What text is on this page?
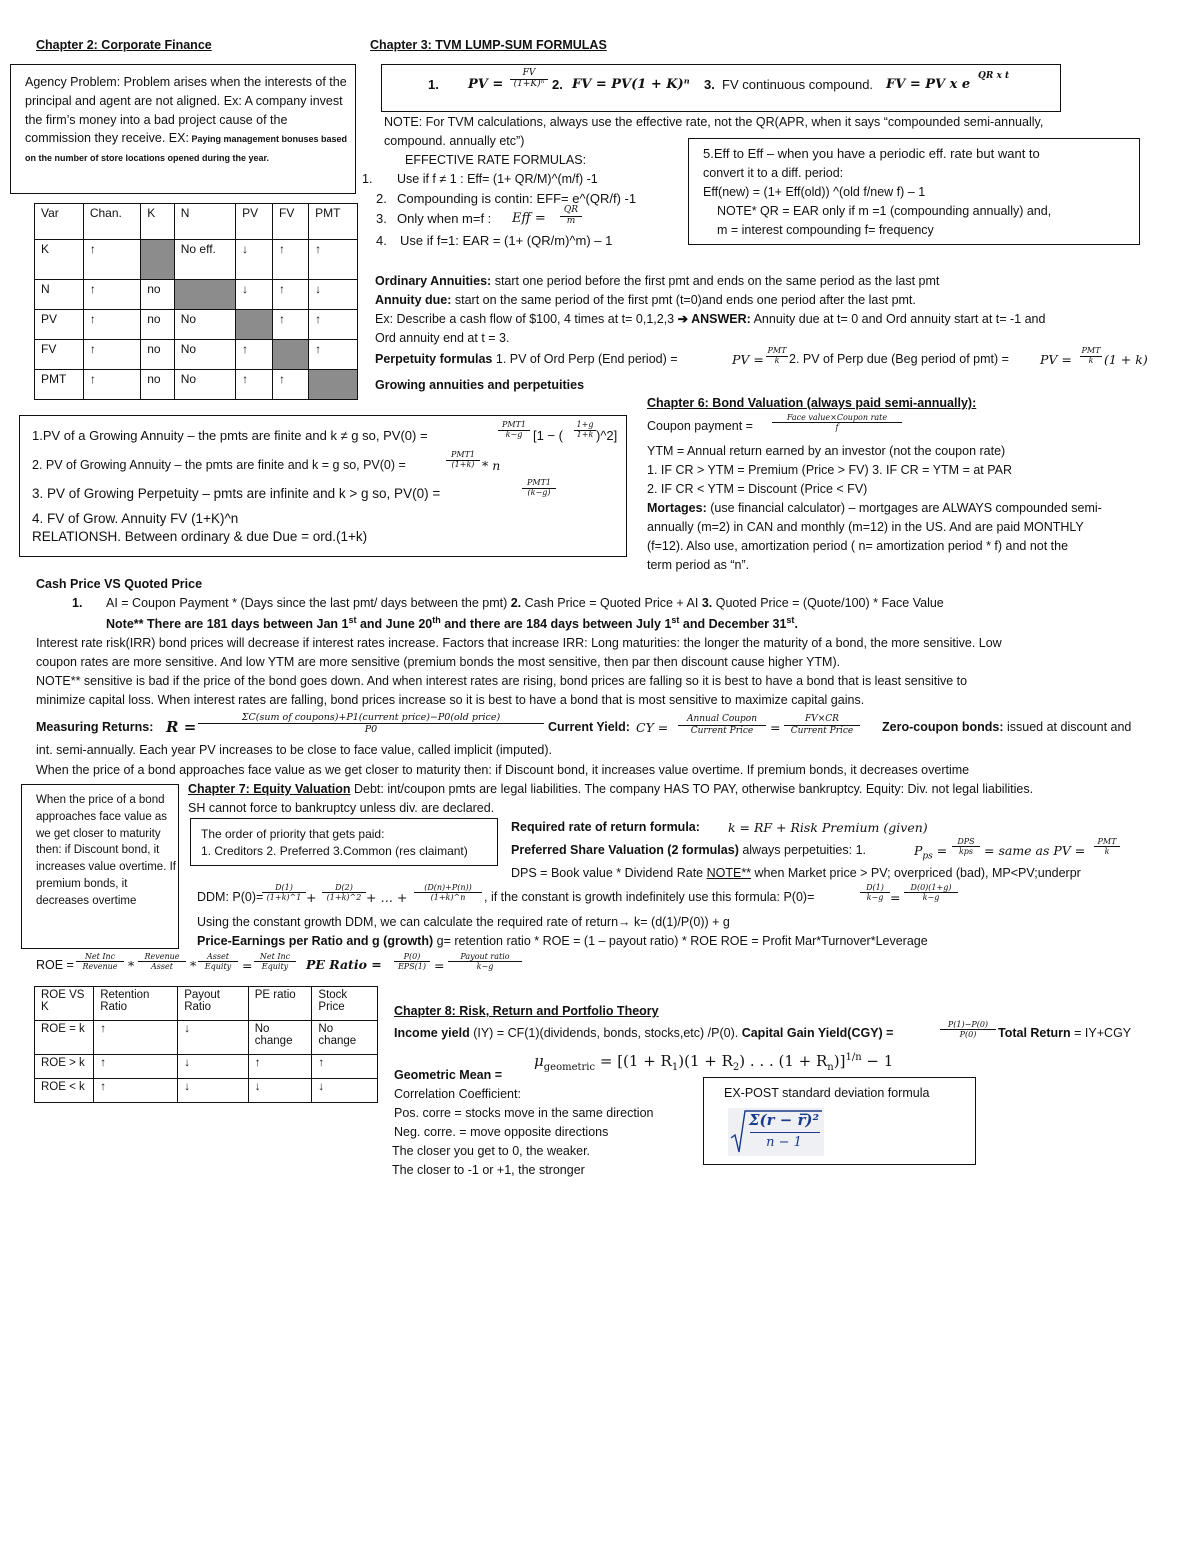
Chapter 2: Corporate Finance
Agency Problem: Problem arises when the interests of the principal and agent are not aligned. Ex: A company invest the firm’s money into a bad project cause of the commission they receive. EX: Paying management bonuses based on the number of store locations opened during the year.
Var	Chan.	K	N	PV	FV	PMT
K	↑		No eff.	↓	↑	↑
N	↑	no		↓	↑	↓
PV	↑	no	No		↑	↑
FV	↑	no	No	↑		↑
PMT	↑	no	No	↑	↑	
Chapter 3: TVM LUMP-SUM FORMULAS
1. PV = $\frac{FV}{\text{(1+K)ⁿ}} 2$. FV = PV(1 + K)ⁿ 3. FV continuous compound. FV = PV x e
QR x t
NOTE: For TVM calculations, always use the effective rate, not the QR(APR, when it says “compounded semi-annually,
compound. annually etc”)
EFFECTIVE RATE FORMULAS:
1. Use if f ≠ 1 : Eff= (1+ QR/M)^(m/f) -1
2. Compounding is contin: EFF= e^(QR/f) -1
3. Only when m=f : Eff = $\frac{QR}{m}$
4. Use if f=1: EAR = (1+ (QR/m)^m) – 1
5.Eff to Eff – when you have a periodic eff. rate but want to
convert it to a diff. period:
Eff(new) = (1+ Eff(old)) ^(old f/new f) – 1
NOTE* QR = EAR only if m =1 (compounding annually) and,
m = interest compounding f= frequency
Ordinary Annuities: start one period before the first pmt and ends on the same period as the last pmt
Annuity due: start on the same period of the first pmt (t=0)and ends one period after the last pmt.
Ex: Describe a cash flow of $100, 4 times at t= 0,1,2,3 ➔ ANSWER: Annuity due at t= 0 and Ord annuity start at t= -1 and
Ord annuity end at t = 3.
Perpetuity formulas 1. PV of Ord Perp (End period) =	PV =
PMT
k 2. PV of Perp due (Beg period of pmt) = PV =
PMT
k (1 + k)
Growing annuities and perpetuities
1.PV of a Growing Annuity – the pmts are finite and k ≠ g so, PV(0) =
PMT1
k−g [1 − (
1+g
1+k )^2]
2. PV of Growing Annuity – the pmts are finite and k = g so, PV(0) =
PMT1
(1+k) * n
3. PV of Growing Perpetuity – pmts are infinite and k > g so, PV(0) =
PMT1
(k−g)
4. FV of Grow. Annuity FV (1+K)^n
RELATIONSH. Between ordinary & due Due = ord.(1+k)
Chapter 6: Bond Valuation (always paid semi-annually):
Coupon payment =
Face value×Coupon rate
f
YTM = Annual return earned by an investor (not the coupon rate)
1. IF CR > YTM = Premium (Price > FV) 3. IF CR = YTM = at PAR
2. IF CR < YTM = Discount (Price < FV)
Mortages: (use financial calculator) – mortgages are ALWAYS compounded semi-
annually (m=2) in CAN and monthly (m=12) in the US. And are paid MONTHLY
(f=12). Also use, amortization period ( n= amortization period * f) and not the
term period as “n”.
Cash Price VS Quoted Price
1. AI = Coupon Payment * (Days since the last pmt/ days between the pmt) 2. Cash Price = Quoted Price + AI 3. Quoted Price = (Quote/100) * Face Value
Note** There are 181 days between Jan 1st and June 20th and there are 184 days between July 1st and December 31st.
Interest rate risk(IRR) bond prices will decrease if interest rates increase. Factors that increase IRR: Long maturities: the longer the maturity of a bond, the more sensitive. Low
coupon rates are more sensitive. And low YTM are more sensitive (premium bonds the most sensitive, then par then discount cause higher YTM).
NOTE** sensitive is bad if the price of the bond goes down. And when interest rates are rising, bond prices are falling so it is best to have a bond that is least sensitive to
minimize capital loss. When interest rates are falling, bond prices increase so it is best to have a bond that is most sensitive to maximize capital gains.
Measuring Returns: R =
ΣC(sum of coupons)+P1(current price)−P0(old price)
P0	Current Yield: CY =
Annual Coupon
Current Price	=
FV×CR
Current Price	Zero-coupon bonds: issued at discount and
int. semi-annually. Each year PV increases to be close to face value, called implicit (imputed).
When the price of a bond approaches face value as we get closer to maturity then: if Discount bond, it increases value overtime. If premium bonds, it decreases overtime
When the price of a bond approaches face value as we get closer to maturity then: if Discount bond, it increases value overtime. If premium bonds, it decreases overtime
Chapter 7: Equity Valuation Debt: int/coupon pmts are legal liabilities. The company HAS TO PAY, otherwise bankruptcy. Equity: Div. not legal liabilities.
SH cannot force to bankruptcy unless div. are declared.
The order of priority that gets paid:
1. Creditors 2. Preferred 3.Common (res claimant)
Required rate of return formula: k = RF + Risk Premium (given)
Preferred Share Valuation (2 formulas) always perpetuities: 1.	$P_{ps}$ =
DPS
kps = same as PV =
PMT
k
DPS = Book value * Dividend Rate NOTE** when Market price > PV; overpriced (bad), MP<PV;underpr
DDM: P(0)=
D(1)
(1+k)^1 +
D(2)
(1+k)^2 + … +
(D(n)+P(n))
(1+k)^n	, if the constant is growth indefinitely use this formula: P(0)=
D(1)
k−g =
D(0)(1+g)
k−g
Using the constant growth DDM, we can calculate the required rate of return→ k= (d(1)/P(0)) + g
Price-Earnings per Ratio and g (growth) g= retention ratio * ROE = (1 – payout ratio) * ROE ROE = Profit Mar*Turnover*Leverage
ROE =
Net Inc
Revenue *
Revenue
Asset	*
Asset
Equity =
Net Inc
Equity	PE Ratio =
P(0)
EPS(1) =
Payout ratio
k−g
ROE VS K	Retention Ratio	Payout Ratio	PE ratio	Stock Price
ROE = k	↑	↓	No change	No change
ROE > k	↑	↓	↑	↑
ROE < k	↑	↓	↓	↓
Chapter 8: Risk, Return and Portfolio Theory
Income yield (IY) = CF(1)(dividends, bonds, stocks,etc) /P(0). Capital Gain Yield(CGY) =	$\frac{P(1)-P(0)}{P(0)}$ Total Return = IY+CGY
Geometric Mean =
$\mu_{geometric} = [(1 + R_1)(1 + R_2)$ . . . $(1 + R_n)]^{1/n} - 1$
Correlation Coefficient:
Pos. corre = stocks move in the same direction
Neg. corre. = move opposite directions
The closer you get to 0, the weaker.
The closer to -1 or +1, the stronger
EX-POST standard deviation formula
Σ(r − r̅)²
n − 1
